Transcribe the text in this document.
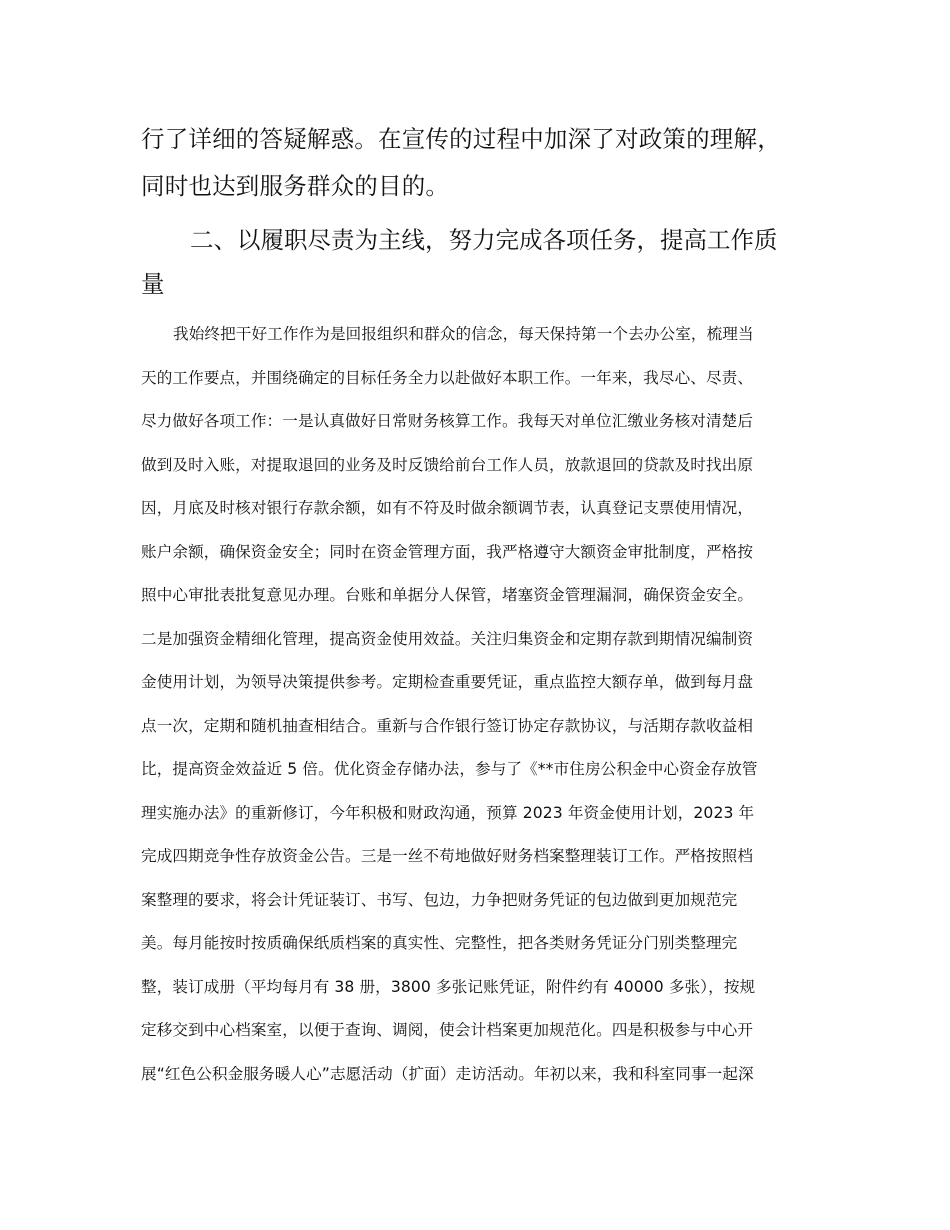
行了详细的答疑解惑。在宣传的过程中加深了对政策的理解，

同时也达到服务群众的目的。

二、以履职尽责为主线，努力完成各项任务，提高工作质

量

我始终把干好工作作为是回报组织和群众的信念，每天保持第一个去办公室，梳理当

天的工作要点，并围绕确定的目标任务全力以赴做好本职工作。一年来，我尽心、尽责、

尽力做好各项工作：一是认真做好日常财务核算工作。我每天对单位汇缴业务核对清楚后

做到及时入账，对提取退回的业务及时反馈给前台工作人员，放款退回的贷款及时找出原

因，月底及时核对银行存款余额，如有不符及时做余额调节表，认真登记支票使用情况，

账户余额，确保资金安全；同时在资金管理方面，我严格遵守大额资金审批制度，严格按

照中心审批表批复意见办理。台账和单据分人保管，堵塞资金管理漏洞，确保资金安全。

二是加强资金精细化管理，提高资金使用效益。关注归集资金和定期存款到期情况编制资

金使用计划，为领导决策提供参考。定期检查重要凭证，重点监控大额存单，做到每月盘

点一次，定期和随机抽查相结合。重新与合作银行签订协定存款协议，与活期存款收益相

比，提高资金效益近 5 倍。优化资金存储办法，参与了《**市住房公积金中心资金存放管

理实施办法》的重新修订，今年积极和财政沟通，预算 2023 年资金使用计划，2023 年

完成四期竞争性存放资金公告。三是一丝不苟地做好财务档案整理装订工作。严格按照档

案整理的要求，将会计凭证装订、书写、包边，力争把财务凭证的包边做到更加规范完

美。每月能按时按质确保纸质档案的真实性、完整性，把各类财务凭证分门别类整理完

整，装订成册（平均每月有 38 册，3800 多张记账凭证，附件约有 40000 多张），按规

定移交到中心档案室，以便于查询、调阅，使会计档案更加规范化。四是积极参与中心开

展“红色公积金服务暖人心”志愿活动（扩面）走访活动。年初以来，我和科室同事一起深
